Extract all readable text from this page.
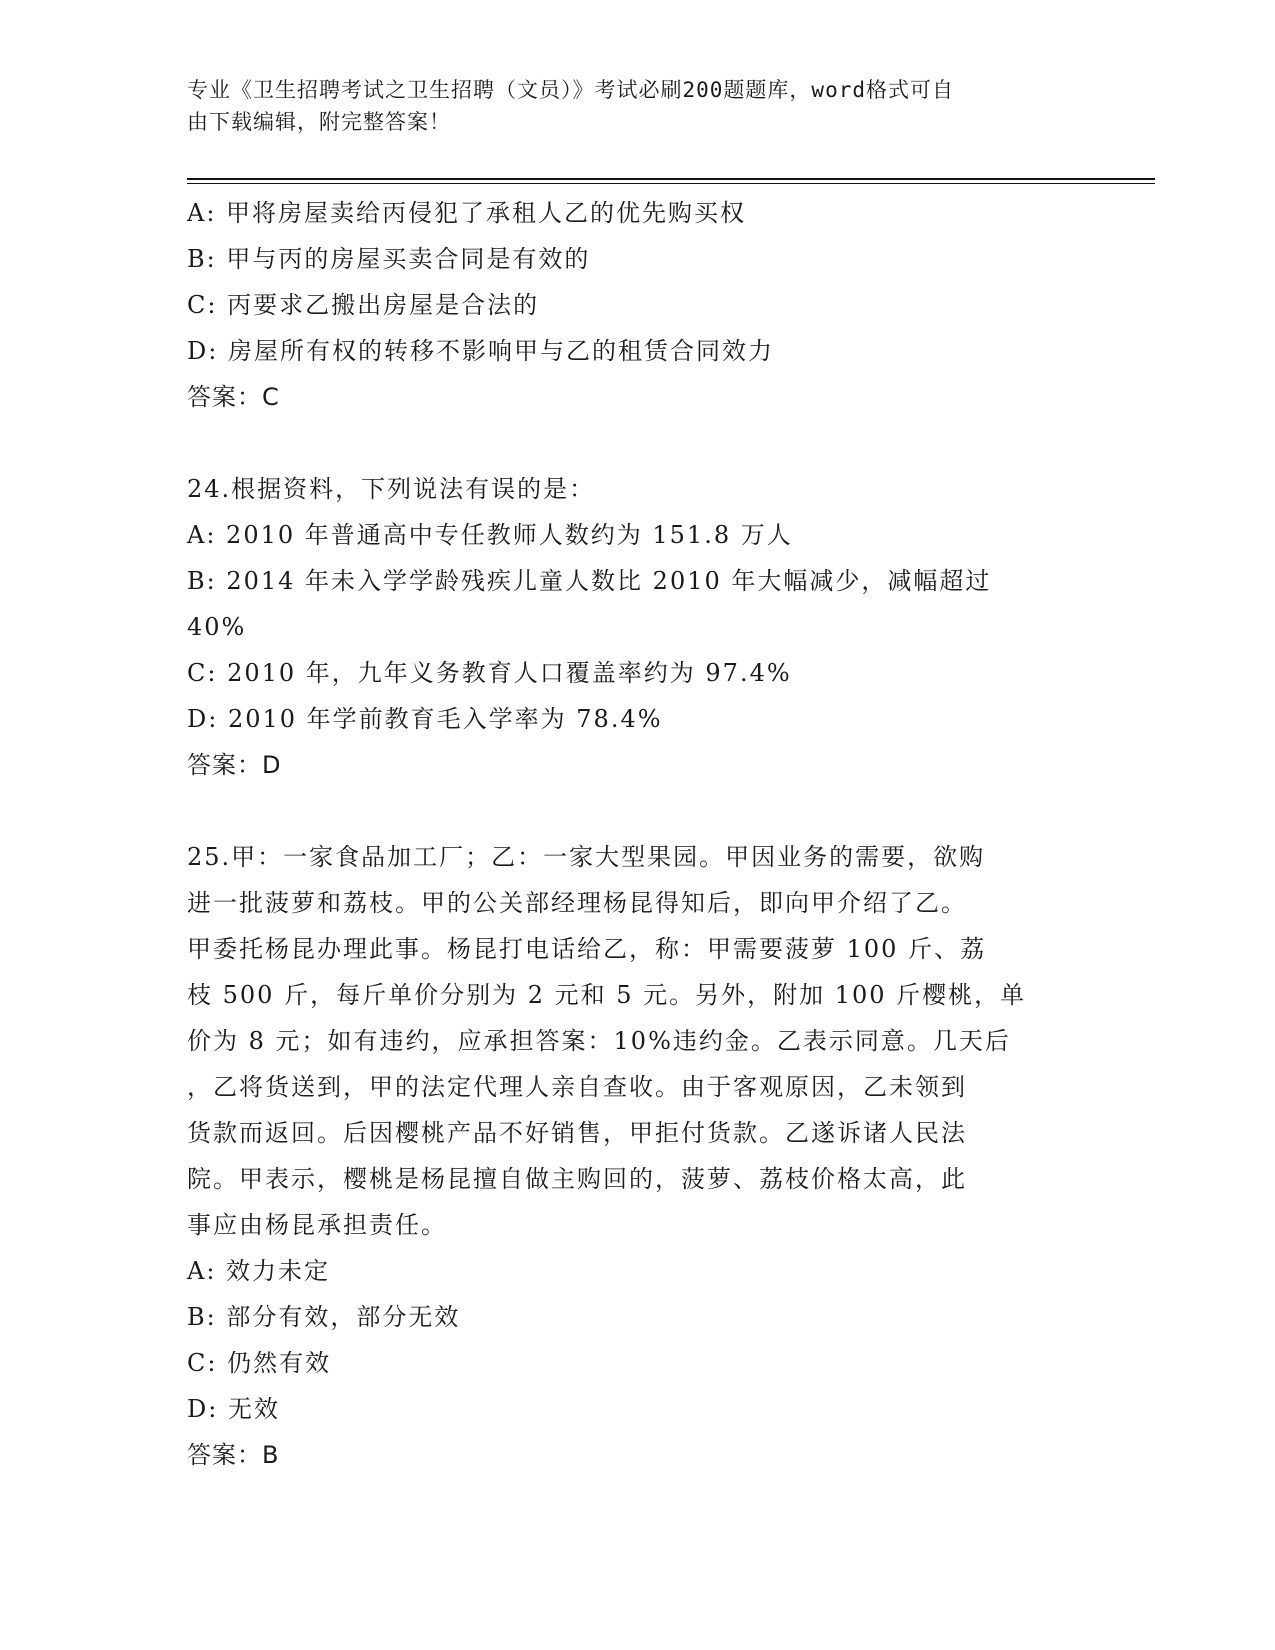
专业《卫生招聘考试之卫生招聘（文员）》考试必刷200题题库，word格式可自
由下载编辑，附完整答案！
A: 甲将房屋卖给丙侵犯了承租人乙的优先购买权
B: 甲与丙的房屋买卖合同是有效的
C: 丙要求乙搬出房屋是合法的
D: 房屋所有权的转移不影响甲与乙的租赁合同效力
答案：C
24.根据资料，下列说法有误的是：
A: 2010 年普通高中专任教师人数约为 151.8 万人
B: 2014 年未入学学龄残疾儿童人数比 2010 年大幅减少，减幅超过
40%
C: 2010 年，九年义务教育人口覆盖率约为 97.4%
D: 2010 年学前教育毛入学率为 78.4%
答案：D
25.甲：一家食品加工厂；乙：一家大型果园。甲因业务的需要，欲购
进一批菠萝和荔枝。甲的公关部经理杨昆得知后，即向甲介绍了乙。
甲委托杨昆办理此事。杨昆打电话给乙，称：甲需要菠萝 100 斤、荔
枝 500 斤，每斤单价分别为 2 元和 5 元。另外，附加 100 斤樱桃，单
价为 8 元；如有违约，应承担答案：10%违约金。乙表示同意。几天后
，乙将货送到，甲的法定代理人亲自查收。由于客观原因，乙未领到
货款而返回。后因樱桃产品不好销售，甲拒付货款。乙遂诉诸人民法
院。甲表示，樱桃是杨昆擅自做主购回的，菠萝、荔枝价格太高，此
事应由杨昆承担责任。
A: 效力未定
B: 部分有效，部分无效
C: 仍然有效
D: 无效
答案：B
